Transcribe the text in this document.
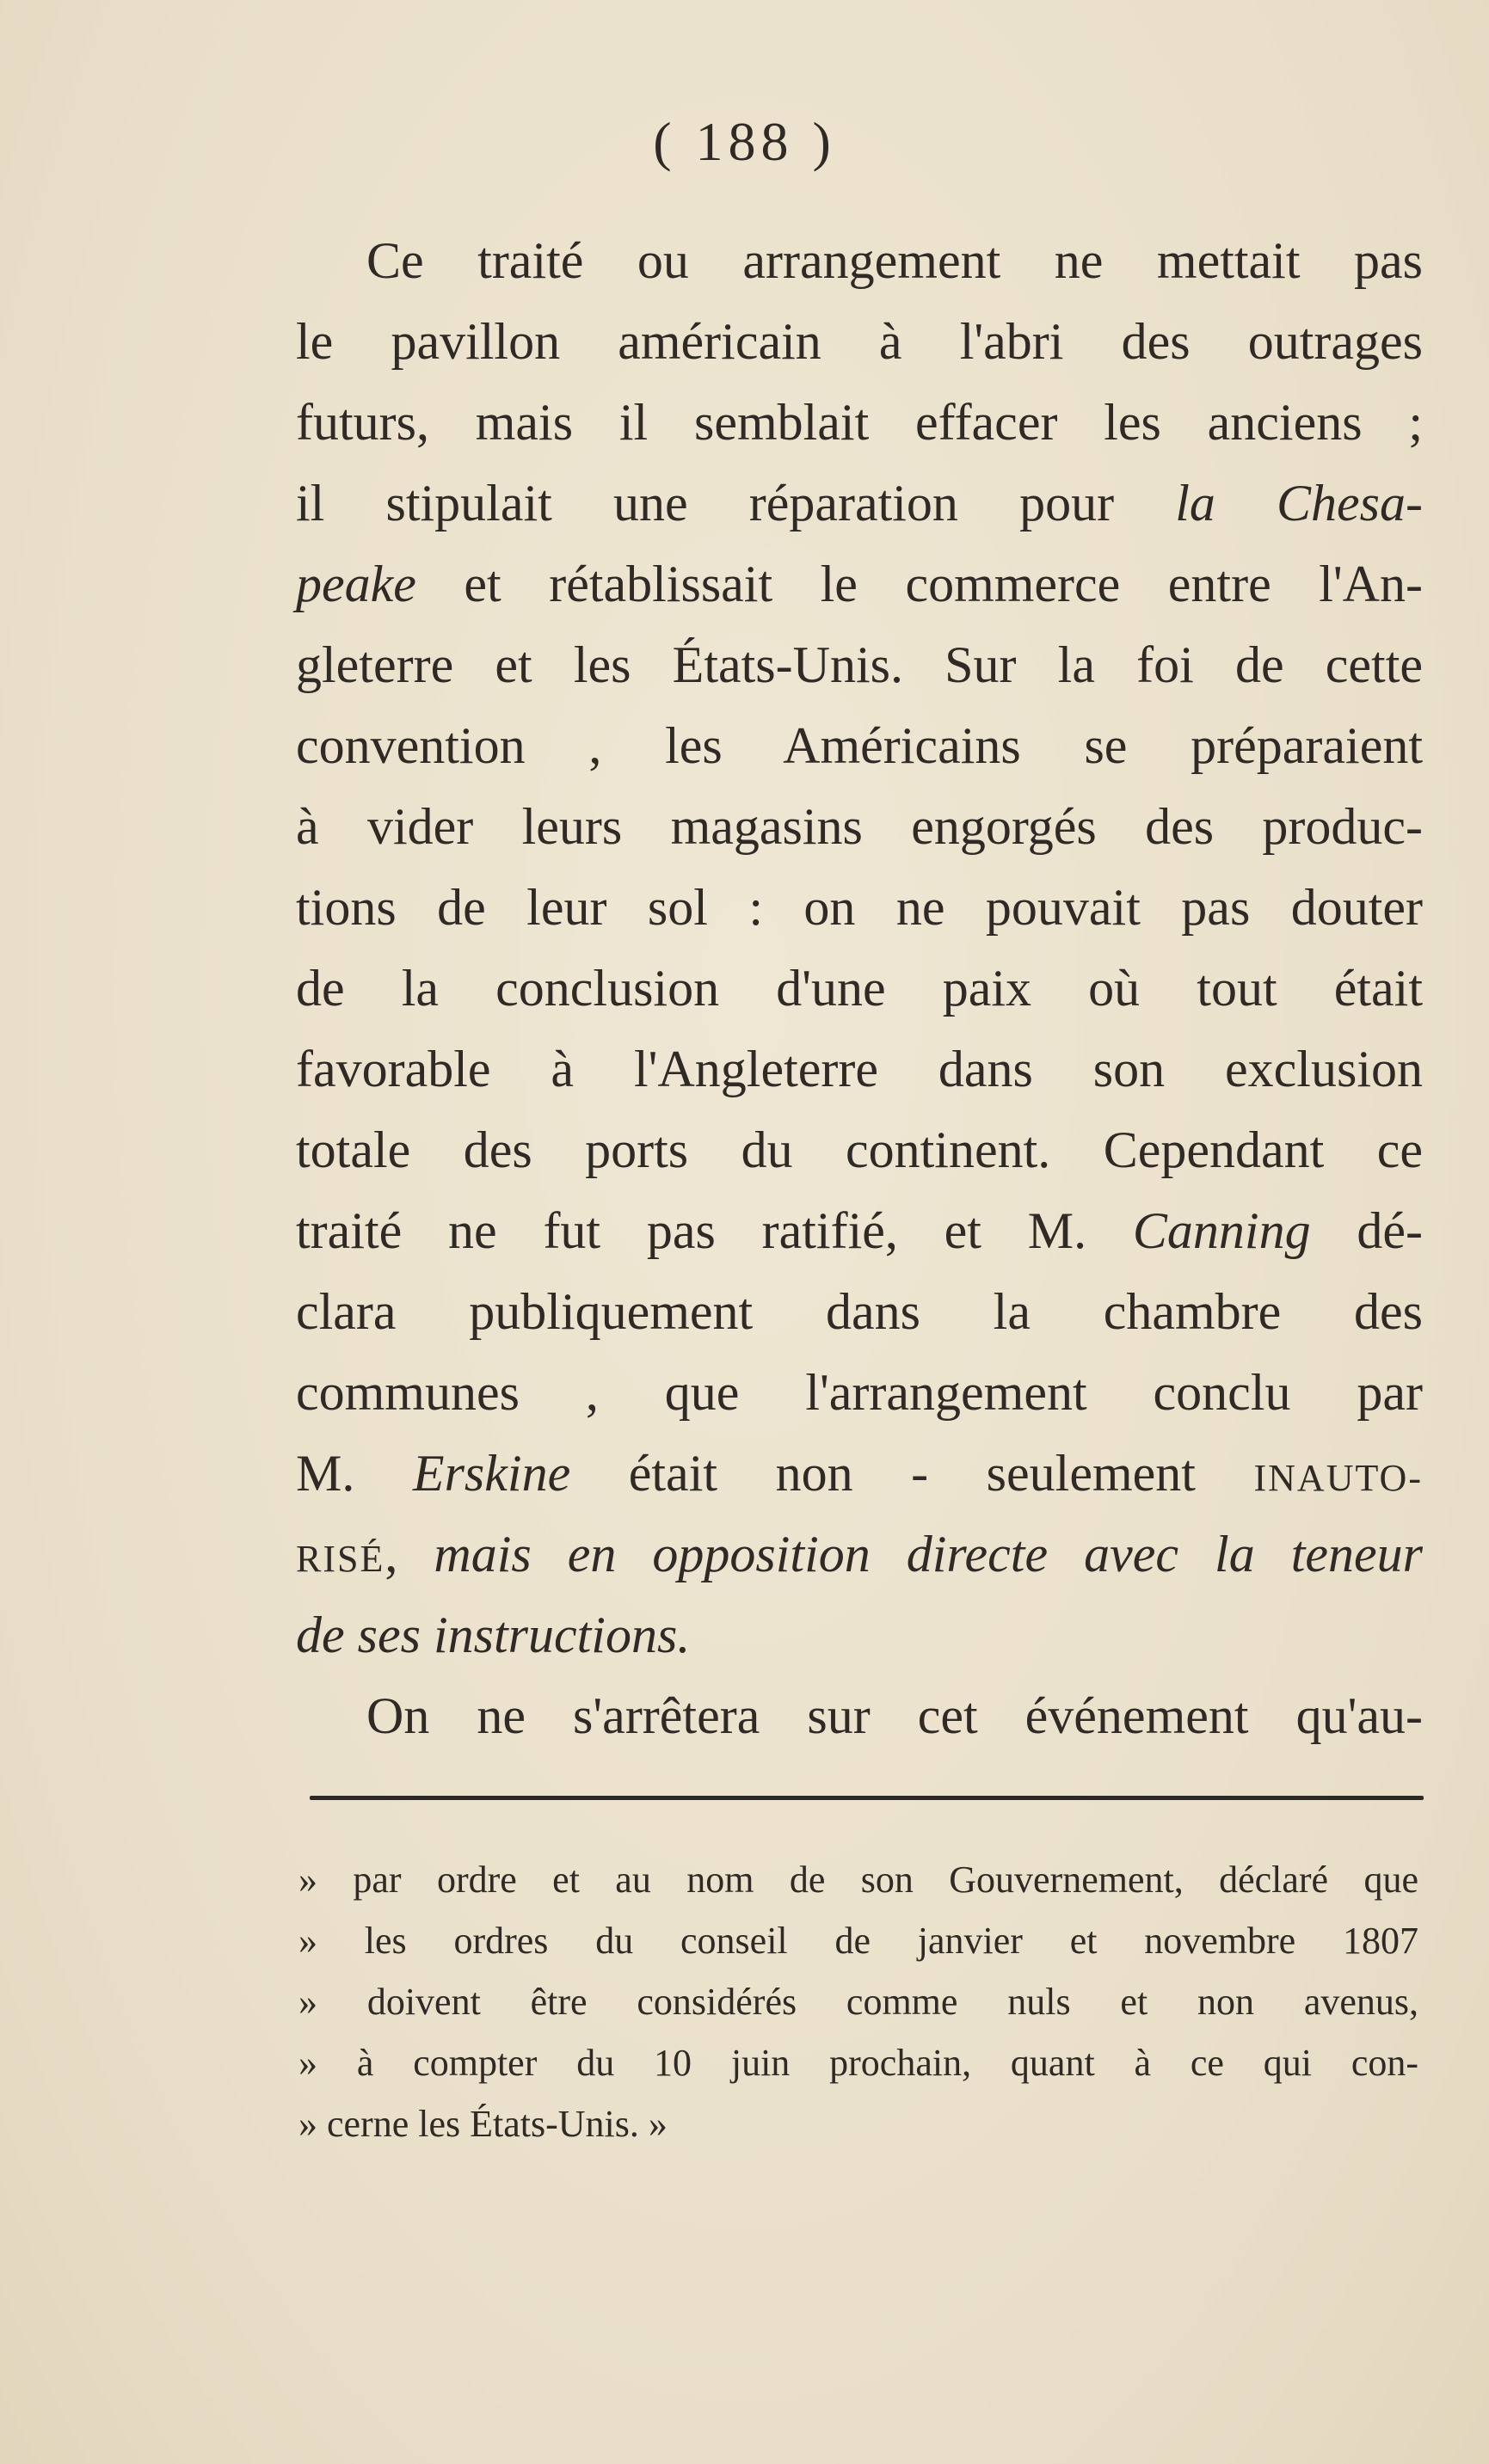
( 188 )
Ce traité ou arrangement ne mettait pas
le pavillon américain à l'abri des outrages
futurs, mais il semblait effacer les anciens ;
il stipulait une réparation pour la Chesa-
peake et rétablissait le commerce entre l'An-
gleterre et les États-Unis. Sur la foi de cette
convention , les Américains se préparaient
à vider leurs magasins engorgés des produc-
tions de leur sol : on ne pouvait pas douter
de la conclusion d'une paix où tout était
favorable à l'Angleterre dans son exclusion
totale des ports du continent. Cependant ce
traité ne fut pas ratifié, et M. Canning dé-
clara publiquement dans la chambre des
communes , que l'arrangement conclu par
M. Erskine était non - seulement INAUTO-
RISÉ, mais en opposition directe avec la teneur
de ses instructions.
On ne s'arrêtera sur cet événement qu'au-
» par ordre et au nom de son Gouvernement, déclaré que
» les ordres du conseil de janvier et novembre 1807
» doivent être considérés comme nuls et non avenus,
» à compter du 10 juin prochain, quant à ce qui con-
» cerne les États-Unis. »
